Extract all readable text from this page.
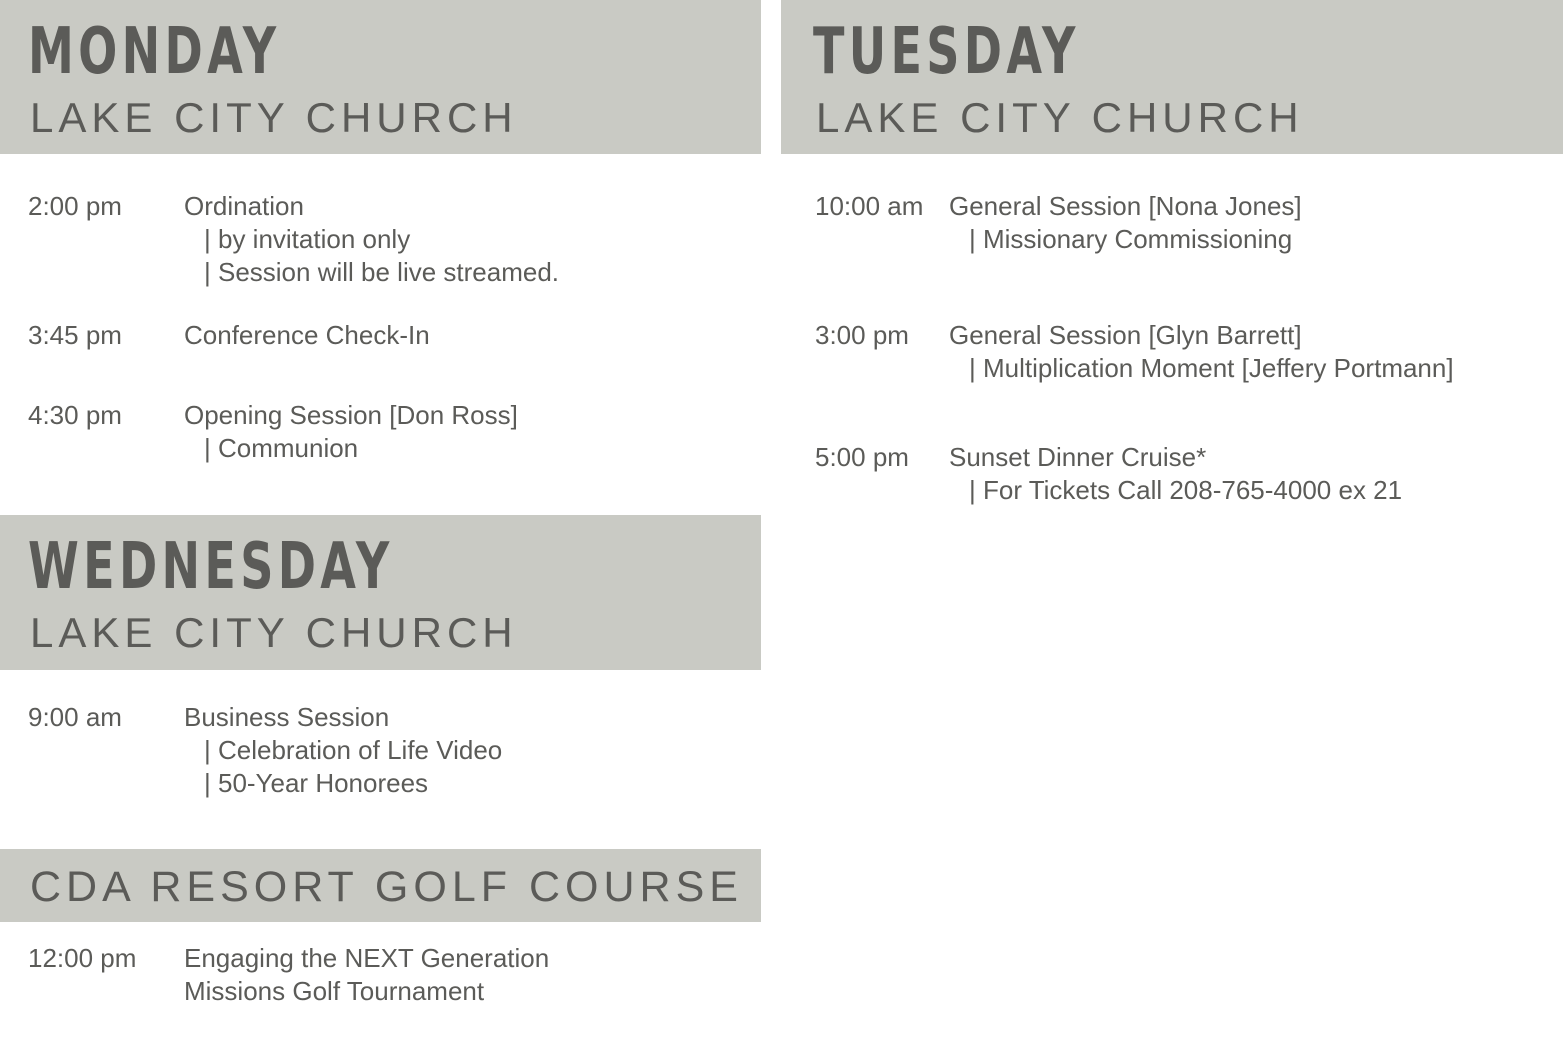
MONDAY
LAKE CITY CHURCH
2:00 pm Ordination
| by invitation only
| Session will be live streamed.
3:45 pm Conference Check-In
4:30 pm Opening Session [Don Ross]
| Communion
TUESDAY
LAKE CITY CHURCH
10:00 am General Session [Nona Jones]
| Missionary Commissioning
3:00 pm General Session [Glyn Barrett]
| Multiplication Moment [Jeffery Portmann]
5:00 pm Sunset Dinner Cruise*
| For Tickets Call 208-765-4000 ex 21
WEDNESDAY
LAKE CITY CHURCH
9:00 am Business Session
| Celebration of Life Video
| 50-Year Honorees
CDA RESORT GOLF COURSE
12:00 pm Engaging the NEXT Generation
Missions Golf Tournament
